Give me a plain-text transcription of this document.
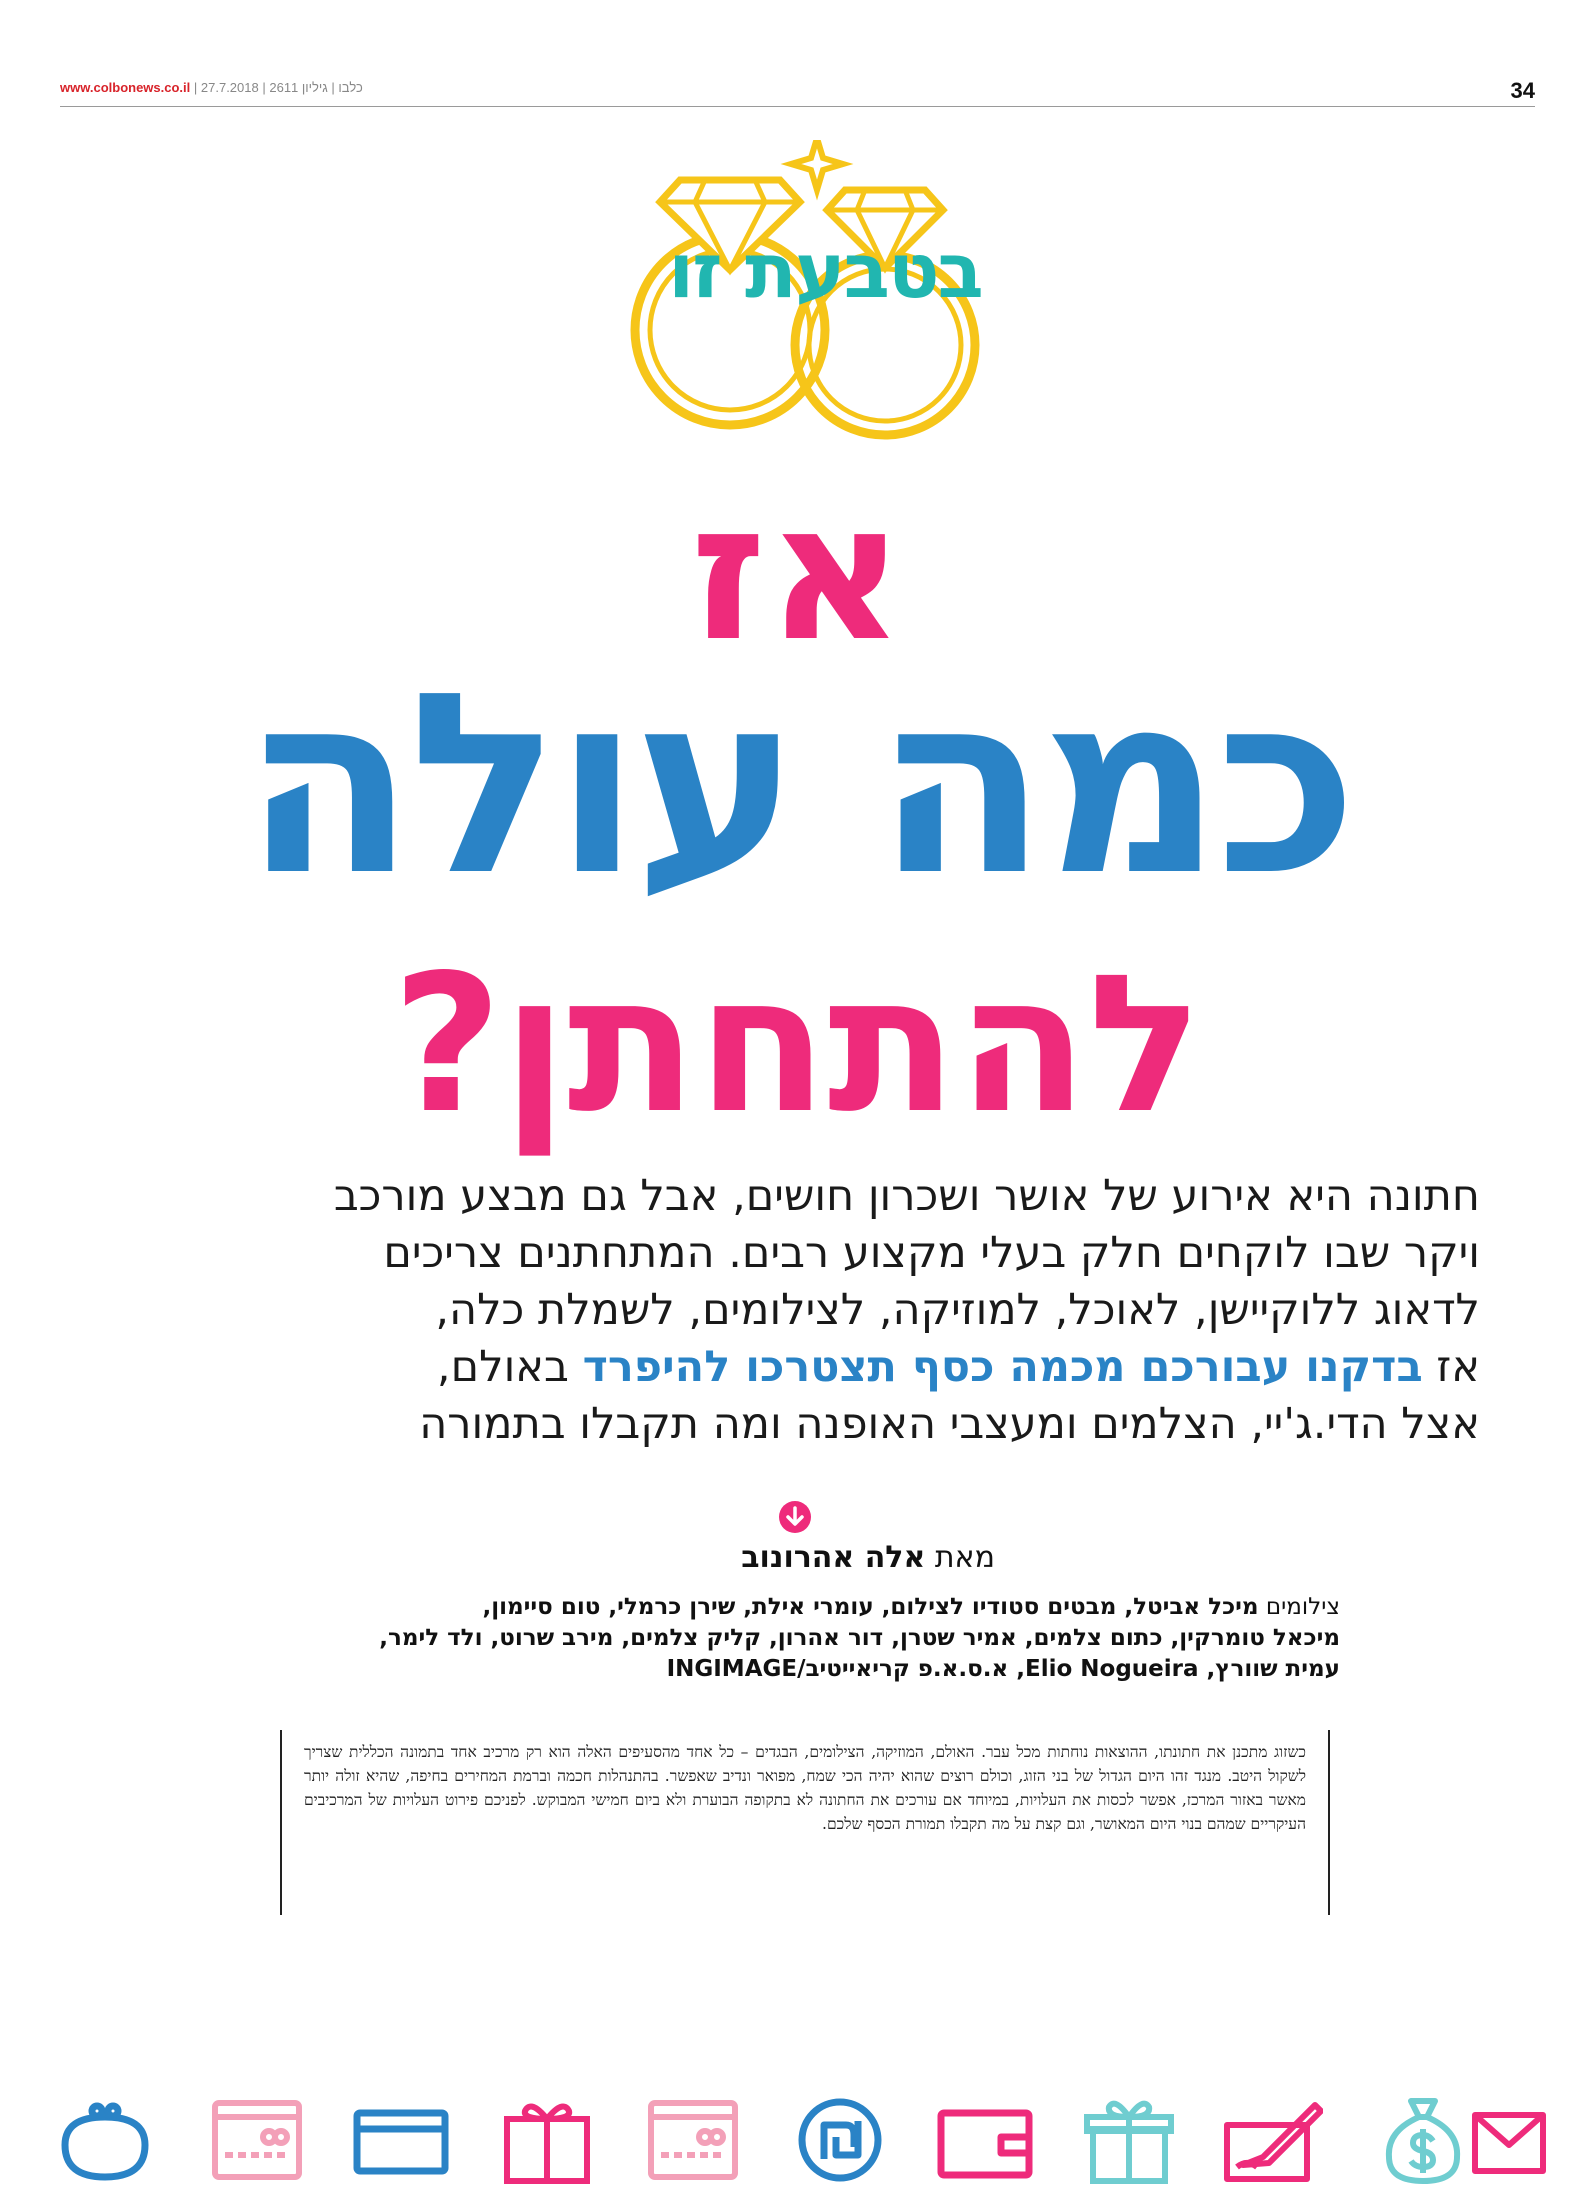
www.colbonews.co.il |	כלבו | גיליון 2611 | 27.7.2018	34
בטבעת זו
אז
כמה עולה
להתחתן?
חתונה היא אירוע של אושר ושכרון חושים, אבל גם מבצע מורכב
ויקר שבו לוקחים חלק בעלי מקצוע רבים. המתחתנים צריכים
לדאוג ללוקיישן, לאוכל, למוזיקה, לצילומים, לשמלת כלה,
אז בדקנו עבורכם מכמה כסף תצטרכו להיפרד באולם,
אצל הדי.ג'יי, הצלמים ומעצבי האופנה ומה תקבלו בתמורה
מאת אלה אהרונוב
צילומים מיכל אביטל, מבטים סטודיו לצילום, עומרי אילת, שירן כרמלי, טום סיימון,
מיכאל טומרקין, כתום צלמים, אמיר שטרן, דור אהרון, קליק צלמים, מירב שרוט, ולד לימר,
עמית שוורץ, Elio Nogueira, א.ס.א.פ קריאייטיב/INGIMAGE
כשזוג מתכנן את חתונתו, ההוצאות נוחתות מכל עבר. האולם, המוזיקה, הצילומים, הבגדים – כל אחד מהסעיפים האלה הוא רק מרכיב אחד בתמונה הכללית שצריך לשקול היטב. מנגד זהו היום הגדול של בני הזוג, וכולם רוצים שהוא יהיה הכי שמח, מפואר ונדיב שאפשר. בהתנהלות חכמה וברמת המחירים בחיפה, שהיא זולה יותר מאשר באזור המרכז, אפשר לכסות את העלויות, במיוחד אם עורכים את החתונה לא בתקופה הבוערת ולא ביום חמישי המבוקש. לפניכם פירוט העלויות של המרכיבים העיקריים שמהם בנוי היום המאושר, וגם קצת על מה תקבלו תמורת הכסף שלכם.
